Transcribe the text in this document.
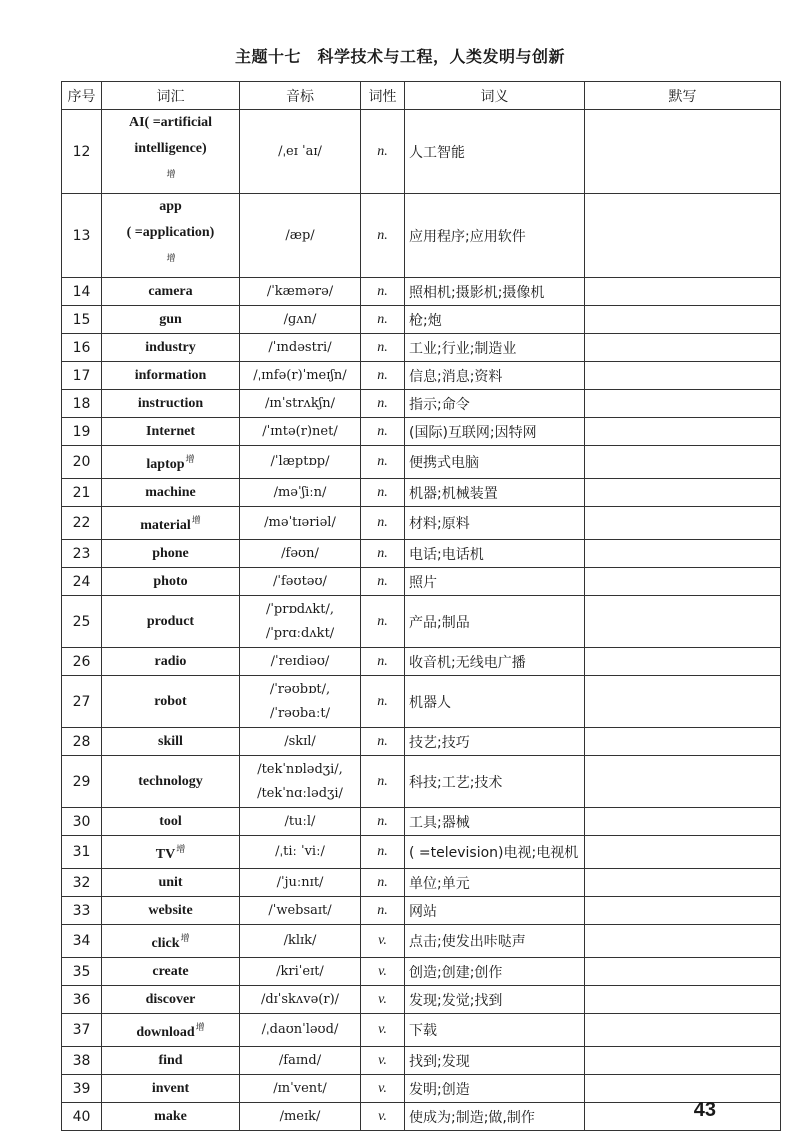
主题十七　科学技术与工程，人类发明与创新
序号	词汇	音标	词性	词义	默写
12	AI( =artificial
intelligence)
$^增$	/ˌeɪ ˈaɪ/	n.	人工智能	
13	app
( =application)
$^增$	/æp/	n.	应用程序;应用软件	
14	camera	/ˈkæmərə/	n.	照相机;摄影机;摄像机	
15	gun	/ɡʌn/	n.	枪;炮	
16	industry	/ˈɪndəstri/	n.	工业;行业;制造业	
17	information	/ˌɪnfə(r)ˈmeɪʃn/	n.	信息;消息;资料	
18	instruction	/ɪnˈstrʌkʃn/	n.	指示;命令	
19	Internet	/ˈɪntə(r)net/	n.	(国际)互联网;因特网	
20	laptop$^增$	/ˈlæptɒp/	n.	便携式电脑	
21	machine	/məˈʃiːn/	n.	机器;机械装置	
22	material$^增$	/məˈtɪəriəl/	n.	材料;原料	
23	phone	/fəʊn/	n.	电话;电话机	
24	photo	/ˈfəʊtəʊ/	n.	照片	
25	product	/ˈprɒdʌkt/,
/ˈprɑːdʌkt/	n.	产品;制品	
26	radio	/ˈreɪdiəʊ/	n.	收音机;无线电广播	
27	robot	/ˈrəʊbɒt/,
/ˈrəʊbaːt/	n.	机器人	
28	skill	/skɪl/	n.	技艺;技巧	
29	technology	/tekˈnɒlədʒi/,
/tekˈnɑːlədʒi/	n.	科技;工艺;技术	
30	tool	/tuːl/	n.	工具;器械	
31	$TV^增$	/ˌtiː ˈviː/	n.	( =television)电视;电视机	
32	unit	/ˈjuːnɪt/	n.	单位;单元	
33	website	/ˈwebsaɪt/	n.	网站	
34	click$^增$	/klɪk/	v.	点击;使发出咔哒声	
35	create	/kriˈeɪt/	v.	创造;创建;创作	
36	discover	/dɪˈskʌvə(r)/	v.	发现;发觉;找到	
37	download$^增$	/ˌdaʊnˈləʊd/	v.	下载	
38	find	/faɪnd/	v.	找到;发现	
39	invent	/ɪnˈvent/	v.	发明;创造	
40	make	/meɪk/	v.	使成为;制造;做,制作		43
